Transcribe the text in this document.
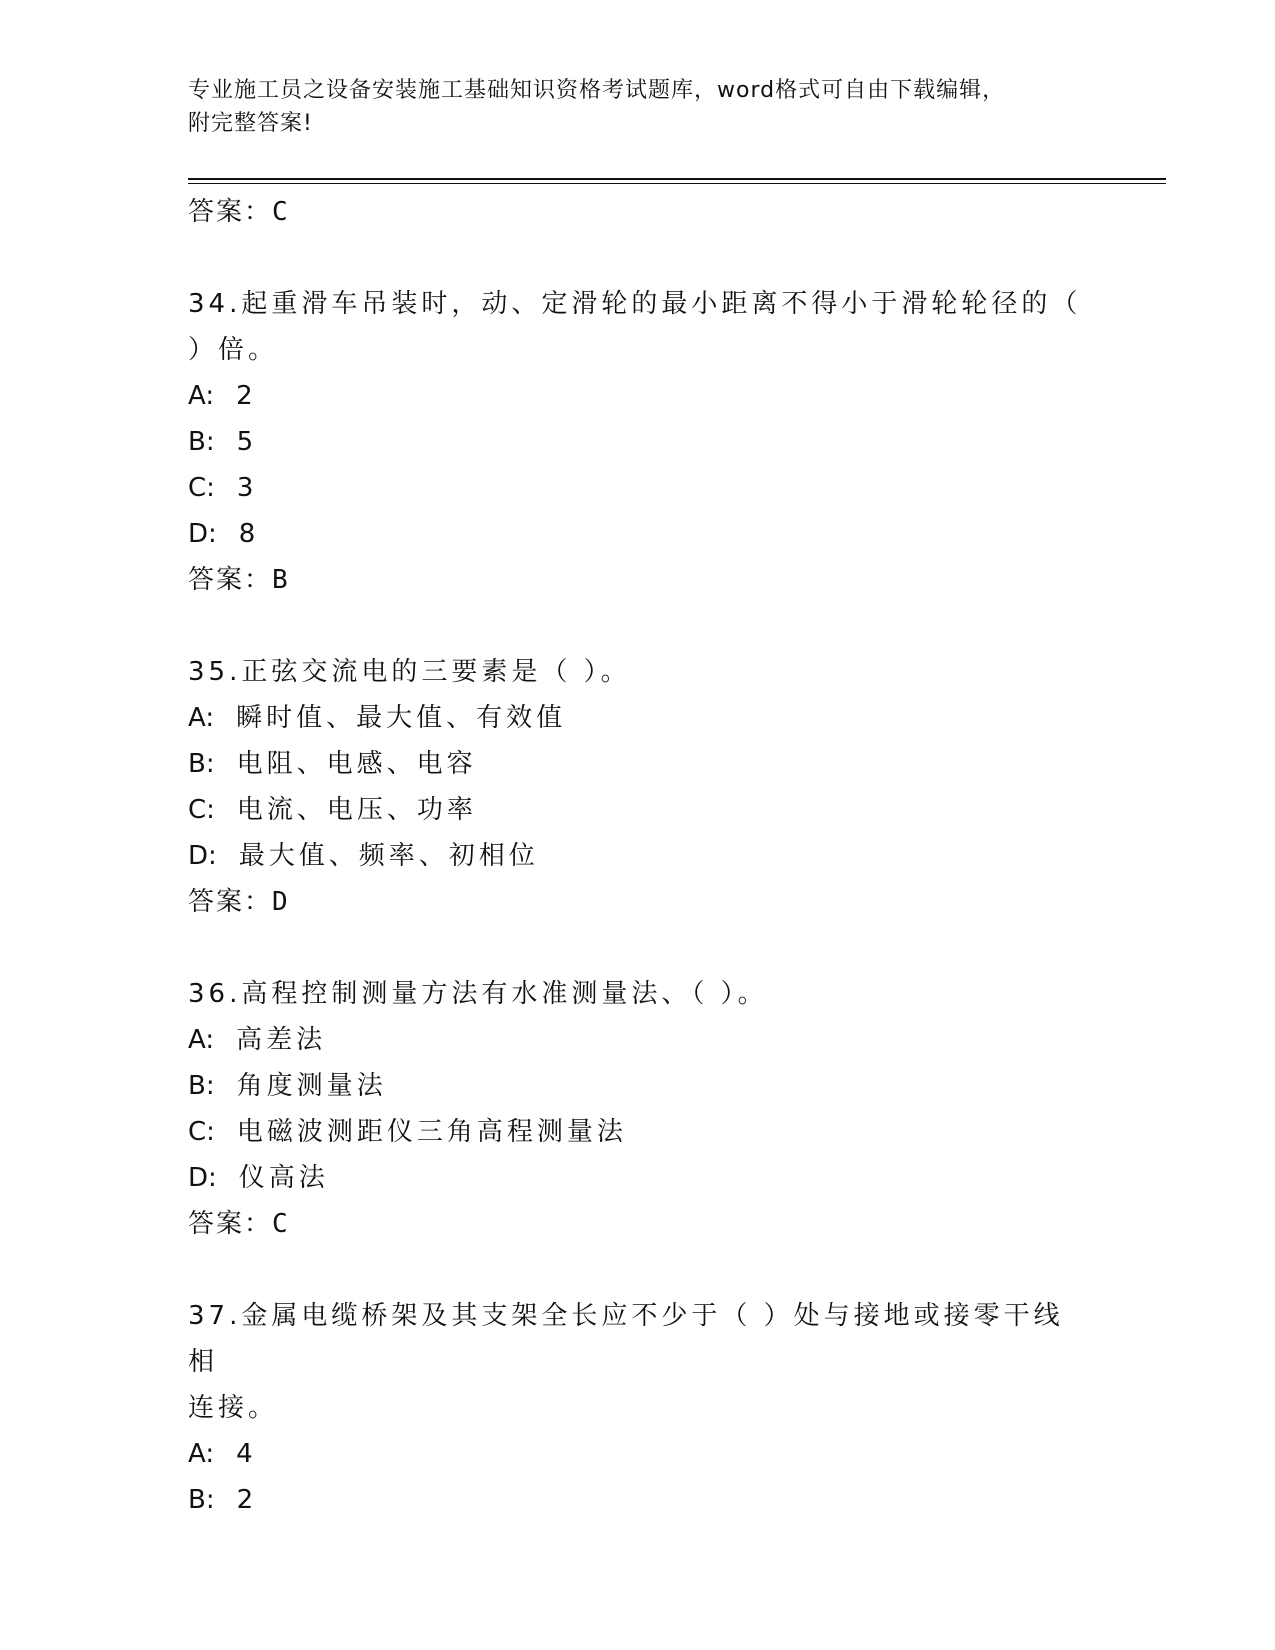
专业施工员之设备安装施工基础知识资格考试题库，word格式可自由下载编辑，
附完整答案!
答案：C
34.起重滑车吊装时，动、定滑轮的最小距离不得小于滑轮轮径的（
）倍。
A: 2
B: 5
C: 3
D: 8
答案：B
35.正弦交流电的三要素是（ ）。
A: 瞬时值、最大值、有效值
B: 电阻、电感、电容
C: 电流、电压、功率
D: 最大值、频率、初相位
答案：D
36.高程控制测量方法有水准测量法、（ ）。
A: 高差法
B: 角度测量法
C: 电磁波测距仪三角高程测量法
D: 仪高法
答案：C
37.金属电缆桥架及其支架全长应不少于（ ）处与接地或接零干线相
连接。
A: 4
B: 2
